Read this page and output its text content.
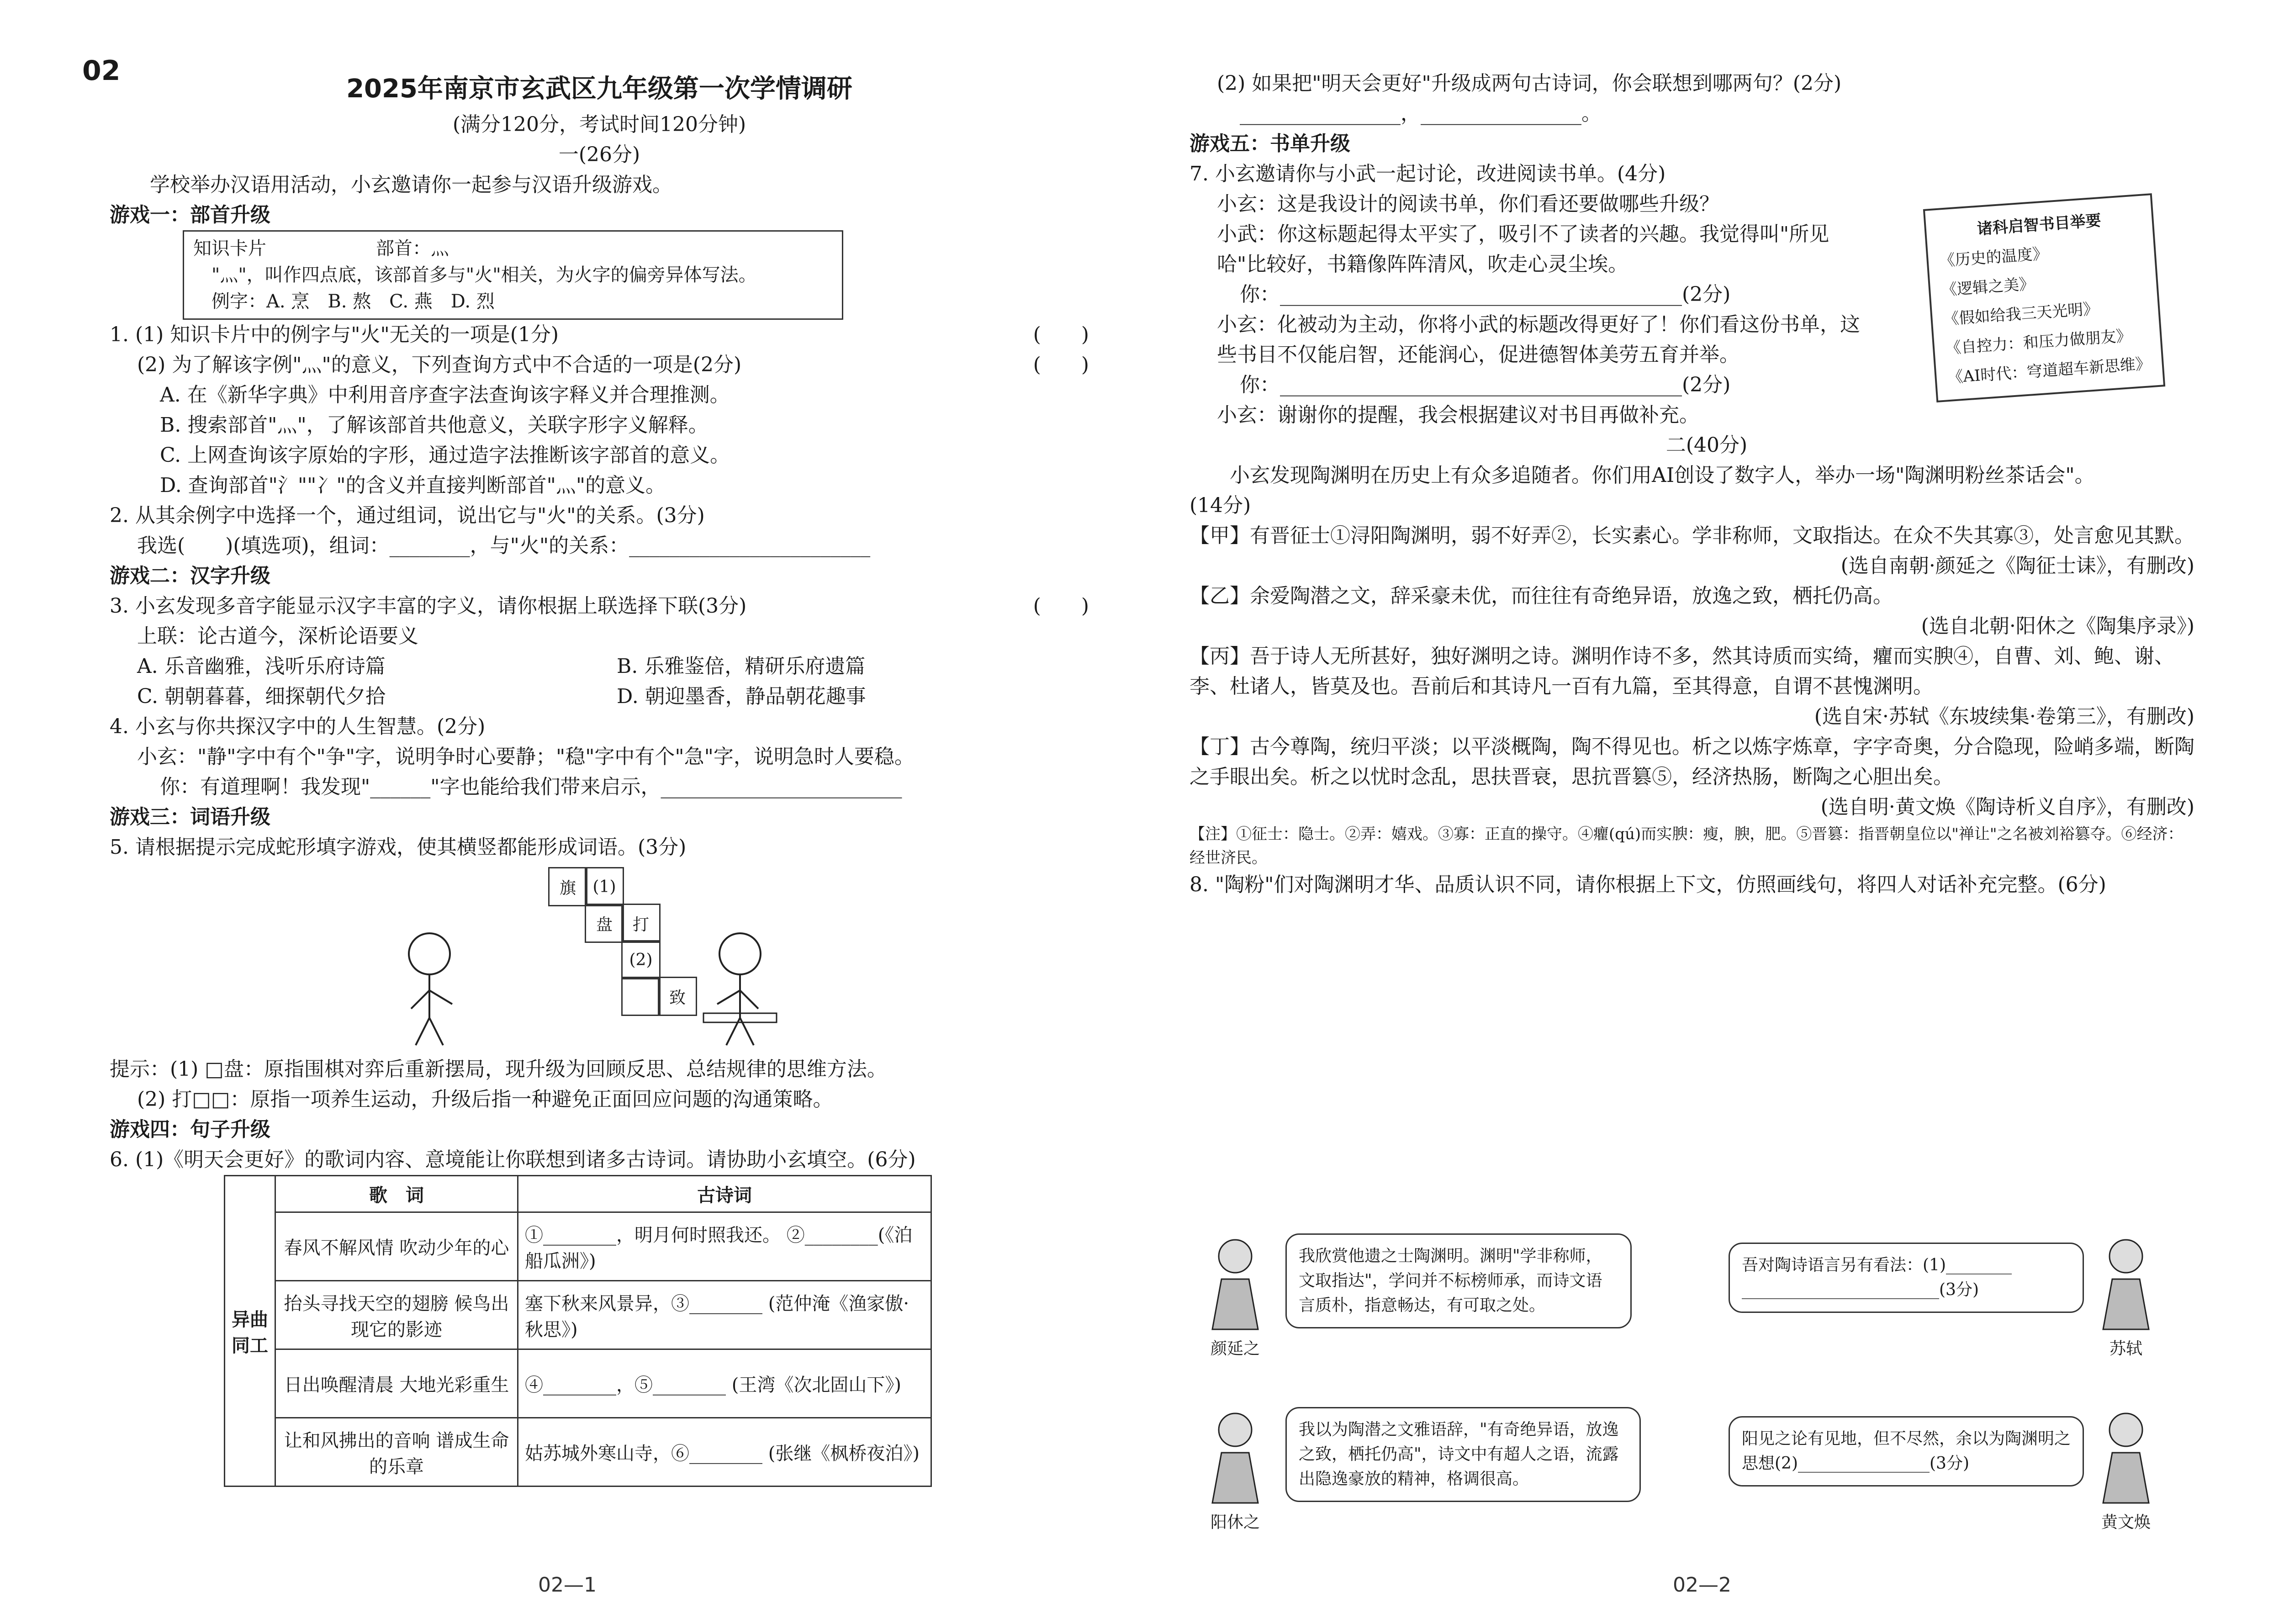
02
2025年南京市玄武区九年级第一次学情调研
(满分120分，考试时间120分钟)
一(26分)
学校举办汉语用活动，小玄邀请你一起参与汉语升级游戏。
游戏一：部首升级
知识卡片	部首：灬
"灬"，叫作四点底，该部首多与"火"相关，为火字的偏旁异体写法。
例字：A. 烹　B. 熬　C. 燕　D. 烈
1. (1) 知识卡片中的例字与"火"无关的一项是(1分)	(　　)
(2) 为了解该字例"灬"的意义，下列查询方式中不合适的一项是(2分)	(　　)
A. 在《新华字典》中利用音序查字法查询该字释义并合理推测。
B. 搜索部首"灬"，了解该部首共他意义，关联字形字义解释。
C. 上网查询该字原始的字形，通过造字法推断该字部首的意义。
D. 查询部首"氵""冫"的含义并直接判断部首"灬"的意义。
2. 从其余例字中选择一个，通过组词，说出它与"火"的关系。(3分)
我选(　　)(填选项)，组词：________，与"火"的关系：________________________
游戏二：汉字升级
3. 小玄发现多音字能显示汉字丰富的字义，请你根据上联选择下联(3分)	(　　)
上联：论古道今，深析论语要义
A. 乐音幽雅，浅听乐府诗篇	B. 乐雅鉴倍，精研乐府遗篇
C. 朝朝暮暮，细探朝代夕拾	D. 朝迎墨香，静品朝花趣事
4. 小玄与你共探汉字中的人生智慧。(2分)
小玄："静"字中有个"争"字，说明争时心要静；"稳"字中有个"急"字，说明急时人要稳。
你：有道理啊！我发现"______"字也能给我们带来启示，________________________
游戏三：词语升级
5. 请根据提示完成蛇形填字游戏，使其横竖都能形成词语。(3分)
旗	(1)
盘	打
(2)
致
提示：(1) □盘：原指围棋对弈后重新摆局，现升级为回顾反思、总结规律的思维方法。
(2) 打□□：原指一项养生运动，升级后指一种避免正面回应问题的沟通策略。
游戏四：句子升级
6. (1)《明天会更好》的歌词内容、意境能让你联想到诸多古诗词。请协助小玄填空。(6分)
异曲同工	歌　词	古诗词
	春风不解风情 吹动少年的心	①________，明月何时照我还。 ②________(《泊船瓜洲》)
	抬头寻找天空的翅膀 候鸟出现它的影迹	塞下秋来风景异，③________ (范仲淹《渔家傲·秋思》)
	日出唤醒清晨 大地光彩重生	④________，⑤________ (王湾《次北固山下》)
	让和风拂出的音响 谱成生命的乐章	姑苏城外寒山寺，⑥________ (张继《枫桥夜泊》)
02—1
(2) 如果把"明天会更好"升级成两句古诗词，你会联想到哪两句？(2分)
________________，________________。
游戏五：书单升级
7. 小玄邀请你与小武一起讨论，改进阅读书单。(4分)
小玄：这是我设计的阅读书单，你们看还要做哪些升级？
小武：你这标题起得太平实了，吸引不了读者的兴趣。我觉得叫"所见
哈"比较好，书籍像阵阵清风，吹走心灵尘埃。
你：________________________________________(2分)
小玄：化被动为主动，你将小武的标题改得更好了！你们看这份书单，这
些书目不仅能启智，还能润心，促进德智体美劳五育并举。
你：________________________________________(2分)
小玄：谢谢你的提醒，我会根据建议对书目再做补充。
诸科启智书目举要
《历史的温度》
《逻辑之美》
《假如给我三天光明》
《自控力：和压力做朋友》
《AI时代：穹道超车新思维》
二(40分)
小玄发现陶渊明在历史上有众多追随者。你们用AI创设了数字人，举办一场"陶渊明粉丝茶话会"。
(14分)
【甲】有晋征士①浔阳陶渊明，弱不好弄②，长实素心。学非称师，文取指达。在众不失其寡③，处言愈见其默。
(选自南朝·颜延之《陶征士诔》，有删改)
【乙】余爱陶潜之文，辞采豪未优，而往往有奇绝异语，放逸之致，栖托仍高。
(选自北朝·阳休之《陶集序录》)
【丙】吾于诗人无所甚好，独好渊明之诗。渊明作诗不多，然其诗质而实绮，癯而实腴④，自曹、刘、鲍、谢、李、杜诸人，皆莫及也。吾前后和其诗凡一百有九篇，至其得意，自谓不甚愧渊明。
(选自宋·苏轼《东坡续集·卷第三》，有删改)
【丁】古今尊陶，统归平淡；以平淡概陶，陶不得见也。析之以炼字炼章，字字奇奥，分合隐现，险峭多端，断陶之手眼出矣。析之以忧时念乱，思扶晋衰，思抗晋篡⑤，经济热肠，断陶之心胆出矣。
(选自明·黄文焕《陶诗析义自序》，有删改)
【注】①征士：隐士。②弄：嬉戏。③寡：正直的操守。④癯(qú)而实腴：瘦，腴，肥。⑤晋篡：指晋朝皇位以"禅让"之名被刘裕篡夺。⑥经济：经世济民。
8. "陶粉"们对陶渊明才华、品质认识不同，请你根据上下文，仿照画线句，将四人对话补充完整。(6分)
颜延之
我欣赏他遗之士陶渊明。渊明"学非称师，文取指达"，学问并不标榜师承，而诗文语言质朴，指意畅达，有可取之处。
吾对陶诗语言另有看法：(1)________ ________________________(3分)
苏轼
阳休之
我以为陶潜之文雅语辞，"有奇绝异语，放逸之致，栖托仍高"，诗文中有超人之语，流露出隐逸豪放的精神，格调很高。
阳见之论有见地，但不尽然，余以为陶渊明之思想(2)________________(3分)
黄文焕
02—2
